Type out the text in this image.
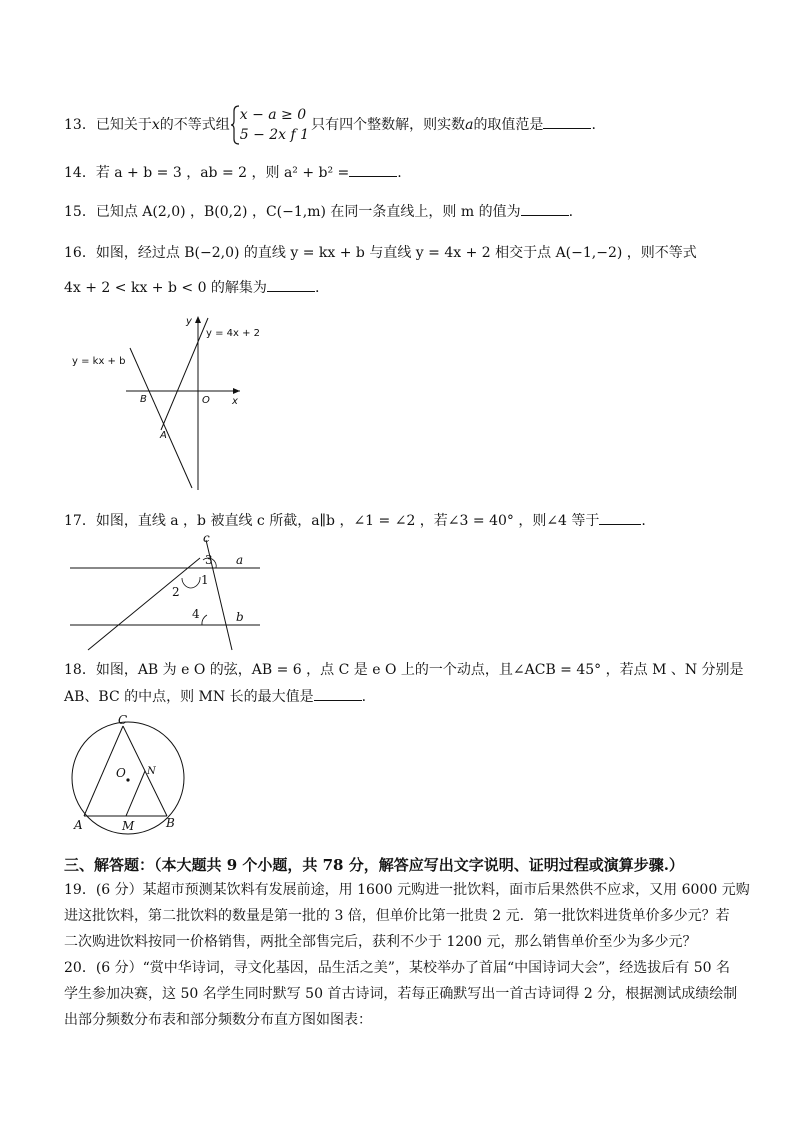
13．已知关于x的不等式组
x − a ≥ 0
5 − 2x f 1
只有四个整数解，则实数a的取值范是	.
14．若 a + b = 3 ，ab = 2 ，则 a² + b² =	.
15．已知点 A(2,0) ，B(0,2) ，C(−1,m) 在同一条直线上，则 m 的值为	.
16．如图，经过点 B(−2,0) 的直线 y = kx + b 与直线 y = 4x + 2 相交于点 A(−1,−2) ，则不等式
4x + 2 < kx + b < 0 的解集为	.
y
x
O
B
A
y = kx + b
y = 4x + 2
17．如图，直线 a ，b 被直线 c 所截，a∥b ，∠1 = ∠2 ，若∠3 = 40° ，则∠4 等于	.
c
a
b
3
1
2
4
18．如图，AB 为 e O 的弦，AB = 6 ，点 C 是 e O 上的一个动点，且∠ACB = 45° ，若点 M 、N 分别是
AB、BC 的中点，则 MN 长的最大值是	.
C
O N
A	M	B
三、解答题：（本大题共 9 个小题，共 78 分，解答应写出文字说明、证明过程或演算步骤.）
19．(6 分）某超市预测某饮料有发展前途，用 1600 元购进一批饮料，面市后果然供不应求，又用 6000 元购
进这批饮料，第二批饮料的数量是第一批的 3 倍，但单价比第一批贵 2 元．第一批饮料进货单价多少元？若
二次购进饮料按同一价格销售，两批全部售完后，获利不少于 1200 元，那么销售单价至少为多少元？
20．(6 分）“赏中华诗词，寻文化基因，品生活之美”，某校举办了首届“中国诗词大会”，经选拔后有 50 名
学生参加决赛，这 50 名学生同时默写 50 首古诗词，若每正确默写出一首古诗词得 2 分，根据测试成绩绘制
出部分频数分布表和部分频数分布直方图如图表：
